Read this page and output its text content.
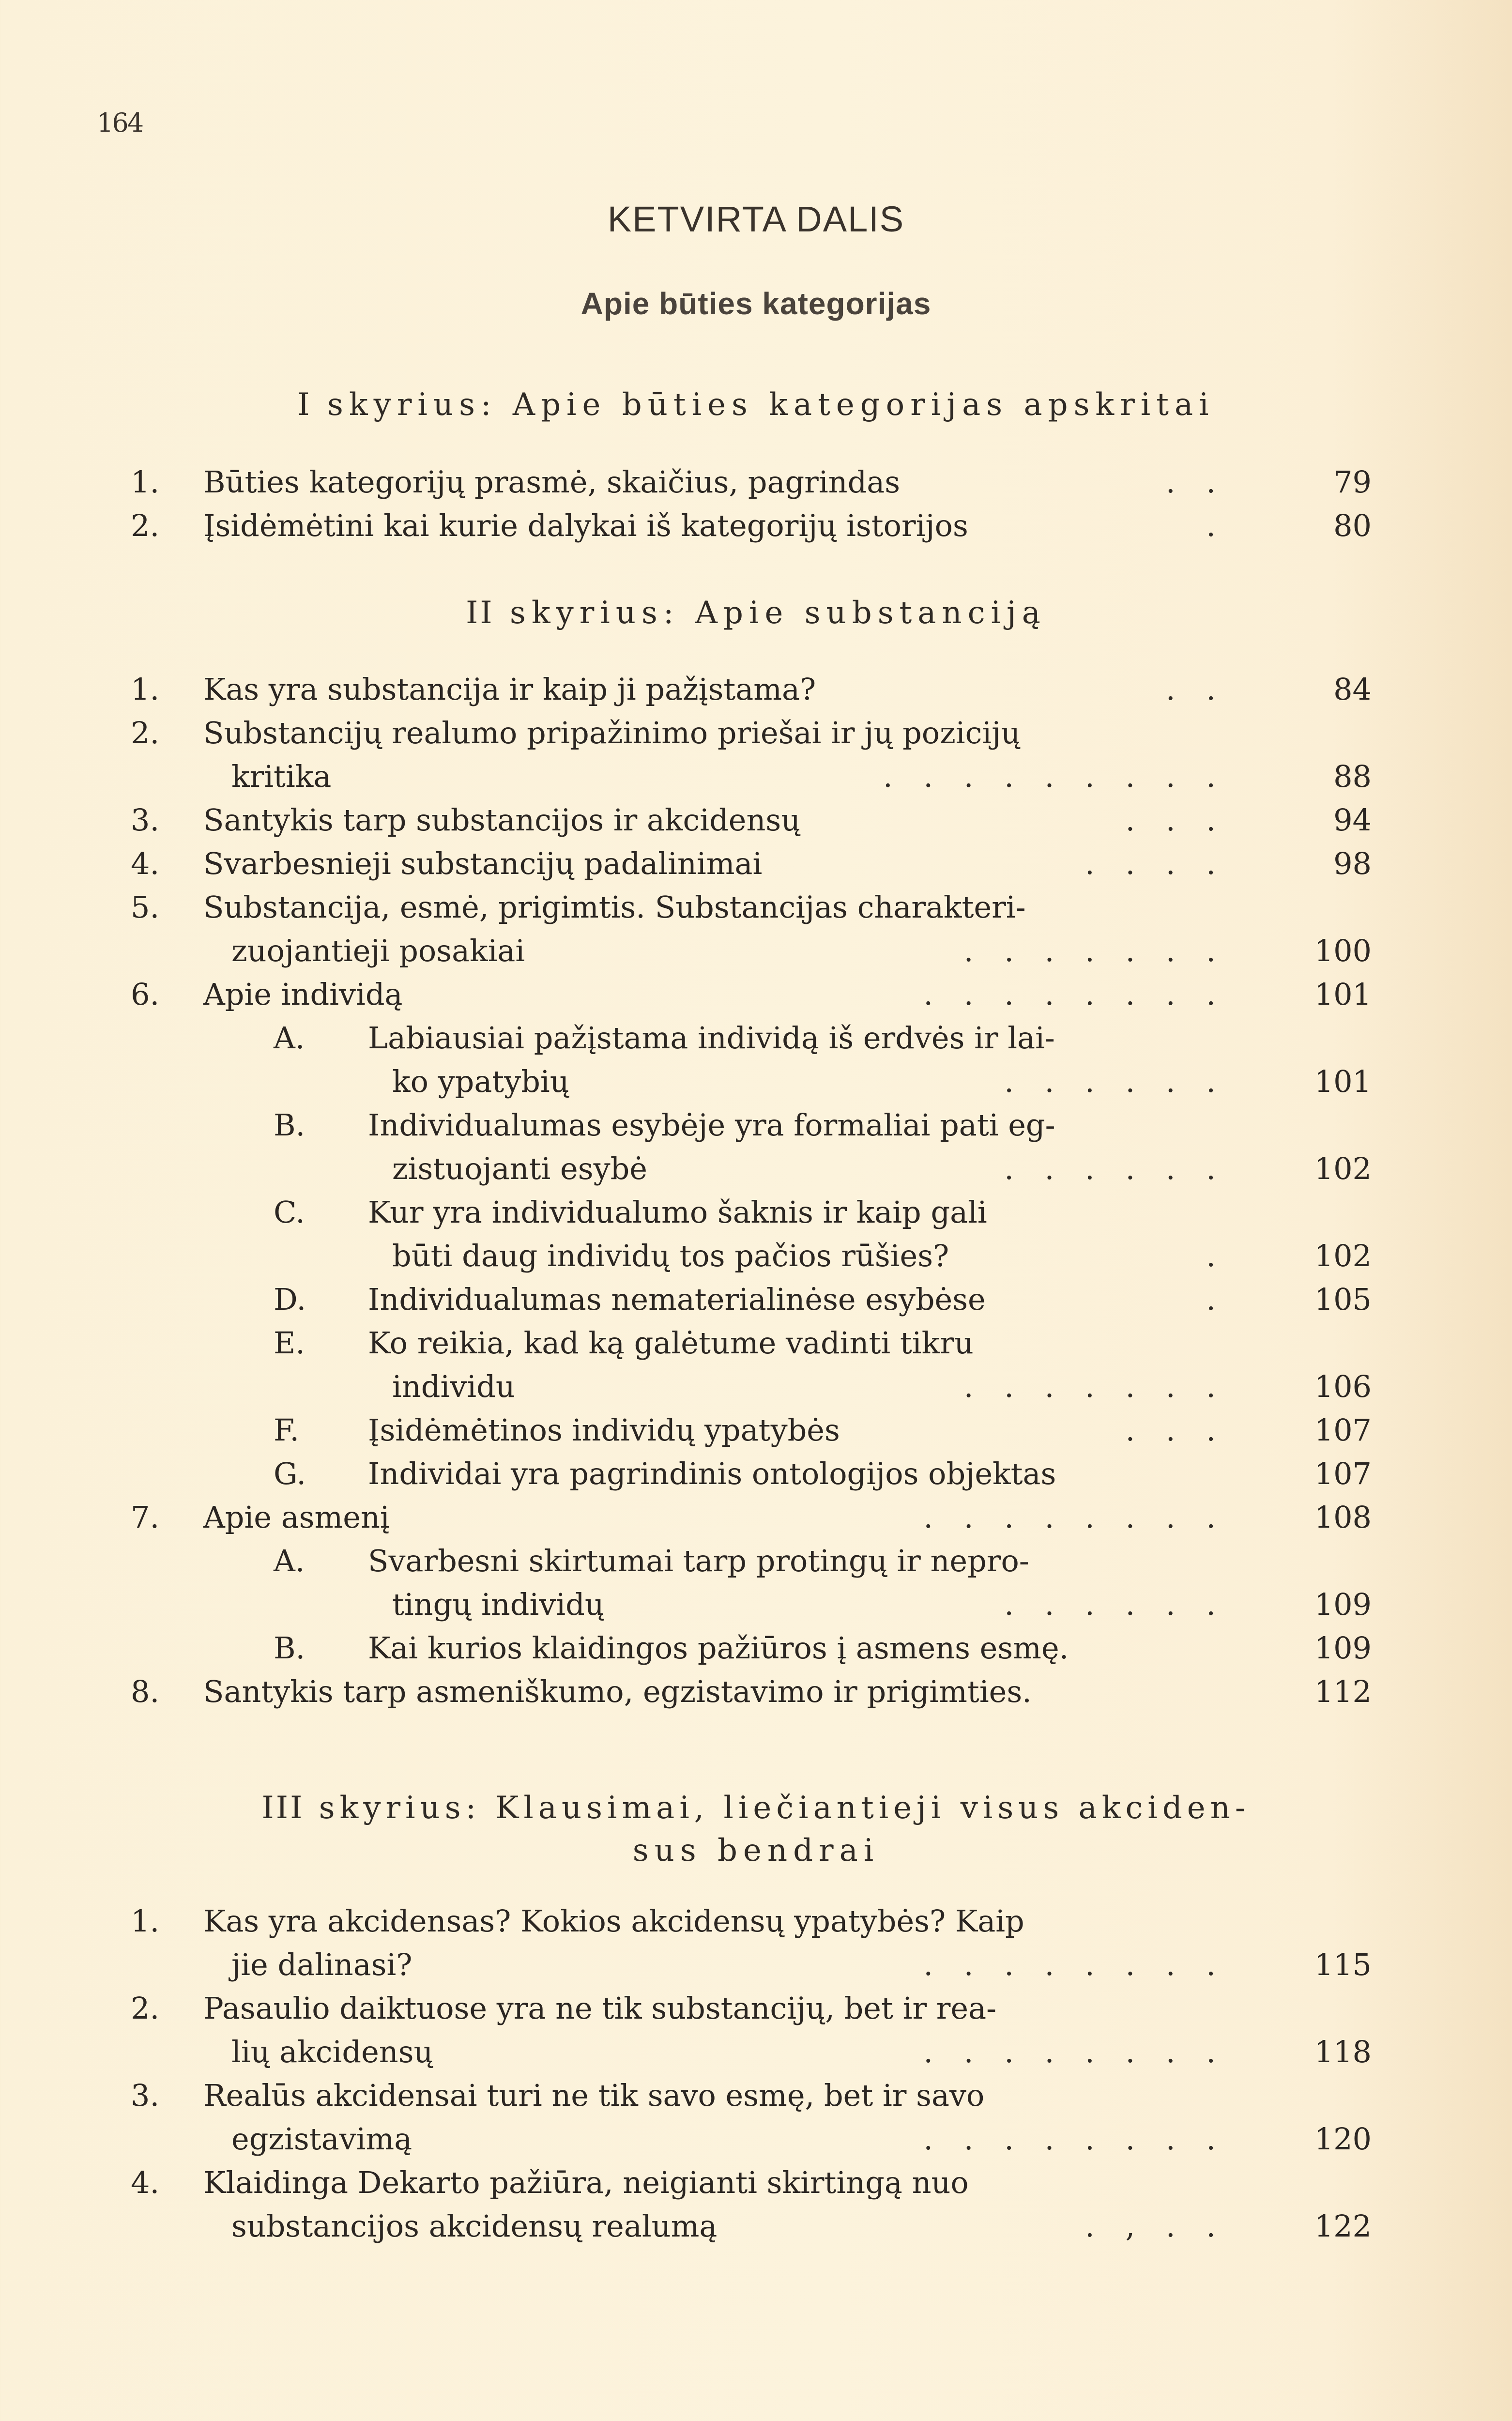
164
KETVIRTA DALIS
Apie būties kategorijas
I skyrius: Apie būties kategorijas apskritai
II skyrius: Apie substanciją
III skyrius: Klausimai, liečiantieji visus akciden-
sus bendrai
1.	Būties kategorijų prasmė, skaičius, pagrindas	. .	79
2.	Įsidėmėtini kai kurie dalykai iš kategorijų istorijos	.	80
1.	Kas yra substancija ir kaip ji pažįstama?	. .	84
2.	Substancijų realumo pripažinimo priešai ir jų pozicijų
kritika	. . . . . . . . .	88
3.	Santykis tarp substancijos ir akcidensų	. . .	94
4.	Svarbesnieji substancijų padalinimai	. . . .	98
5.	Substancija, esmė, prigimtis. Substancijas charakteri-
zuojantieji posakiai	. . . . . . .	100
6.	Apie individą	. . . . . . . .	101
A. Labiausiai pažįstama individą iš erdvės ir lai-
ko ypatybių	. . . . . .	101
B. Individualumas esybėje yra formaliai pati eg-
zistuojanti esybė	. . . . . .	102
C. Kur yra individualumo šaknis ir kaip gali
būti daug individų tos pačios rūšies?	.	102
D. Individualumas nematerialinėse esybėse	.	105
E. Ko reikia, kad ką galėtume vadinti tikru
individu	. . . . . . .	106
F. Įsidėmėtinos individų ypatybės	. . .	107
G. Individai yra pagrindinis ontologijos objektas	107
7.	Apie asmenį	. . . . . . . .	108
A. Svarbesni skirtumai tarp protingų ir nepro-
tingų individų	. . . . . .	109
B. Kai kurios klaidingos pažiūros į asmens esmę.	109
8.	Santykis tarp asmeniškumo, egzistavimo ir prigimties.	112
1.	Kas yra akcidensas? Kokios akcidensų ypatybės? Kaip
jie dalinasi?	. . . . . . . .	115
2.	Pasaulio daiktuose yra ne tik substancijų, bet ir rea-
lių akcidensų	. . . . . . . .	118
3.	Realūs akcidensai turi ne tik savo esmę, bet ir savo
egzistavimą	. . . . . . . .	120
4.	Klaidinga Dekarto pažiūra, neigianti skirtingą nuo
substancijos akcidensų realumą	. , . .	122
